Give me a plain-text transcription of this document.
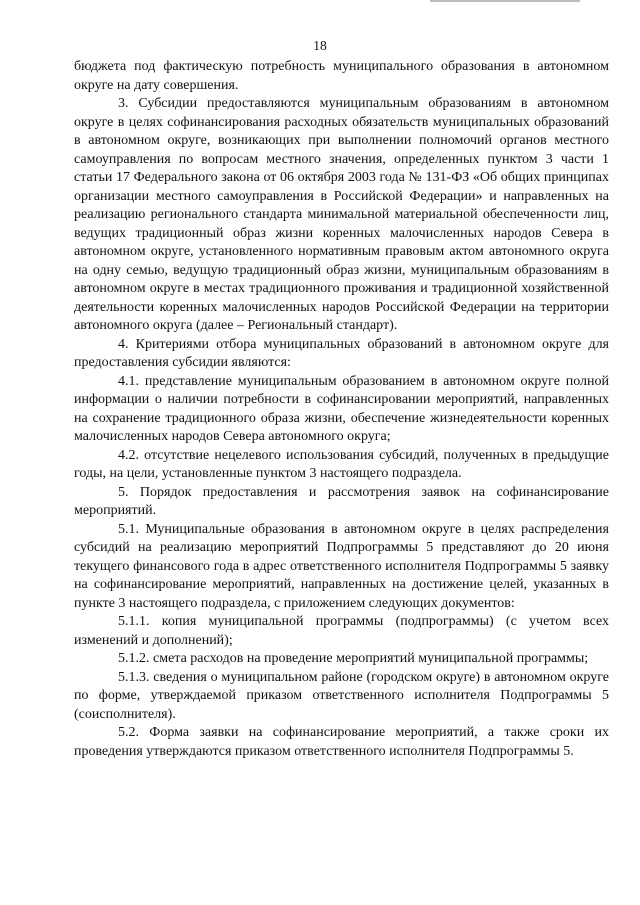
18

бюджета под фактическую потребность муниципального образования в автономном округе на дату совершения.

3. Субсидии предоставляются муниципальным образованиям в автономном округе в целях софинансирования расходных обязательств муниципальных образований в автономном округе, возникающих при выполнении полномочий органов местного самоуправления по вопросам местного значения, определенных пунктом 3 части 1 статьи 17 Федерального закона от 06 октября 2003 года № 131-ФЗ «Об общих принципах организации местного самоуправления в Российской Федерации» и направленных на реализацию регионального стандарта минимальной материальной обеспеченности лиц, ведущих традиционный образ жизни коренных малочисленных народов Севера в автономном округе, установленного нормативным правовым актом автономного округа на одну семью, ведущую традиционный образ жизни, муниципальным образованиям в автономном округе в местах традиционного проживания и традиционной хозяйственной деятельности коренных малочисленных народов Российской Федерации на территории автономного округа (далее – Региональный стандарт).

4. Критериями отбора муниципальных образований в автономном округе для предоставления субсидии являются:

4.1. представление муниципальным образованием в автономном округе полной информации о наличии потребности в софинансировании мероприятий, направленных на сохранение традиционного образа жизни, обеспечение жизнедеятельности коренных малочисленных народов Севера автономного округа;

4.2. отсутствие нецелевого использования субсидий, полученных в предыдущие годы, на цели, установленные пунктом 3 настоящего подраздела.

5. Порядок предоставления и рассмотрения заявок на софинансирование мероприятий.

5.1. Муниципальные образования в автономном округе в целях распределения субсидий на реализацию мероприятий Подпрограммы 5 представляют до 20 июня текущего финансового года в адрес ответственного исполнителя Подпрограммы 5 заявку на софинансирование мероприятий, направленных на достижение целей, указанных в пункте 3 настоящего подраздела, с приложением следующих документов:

5.1.1. копия муниципальной программы (подпрограммы) (с учетом всех изменений и дополнений);

5.1.2. смета расходов на проведение мероприятий муниципальной программы;

5.1.3. сведения о муниципальном районе (городском округе) в автономном округе по форме, утверждаемой приказом ответственного исполнителя Подпрограммы 5 (соисполнителя).

5.2. Форма заявки на софинансирование мероприятий, а также сроки их проведения утверждаются приказом ответственного исполнителя Подпрограммы 5.
